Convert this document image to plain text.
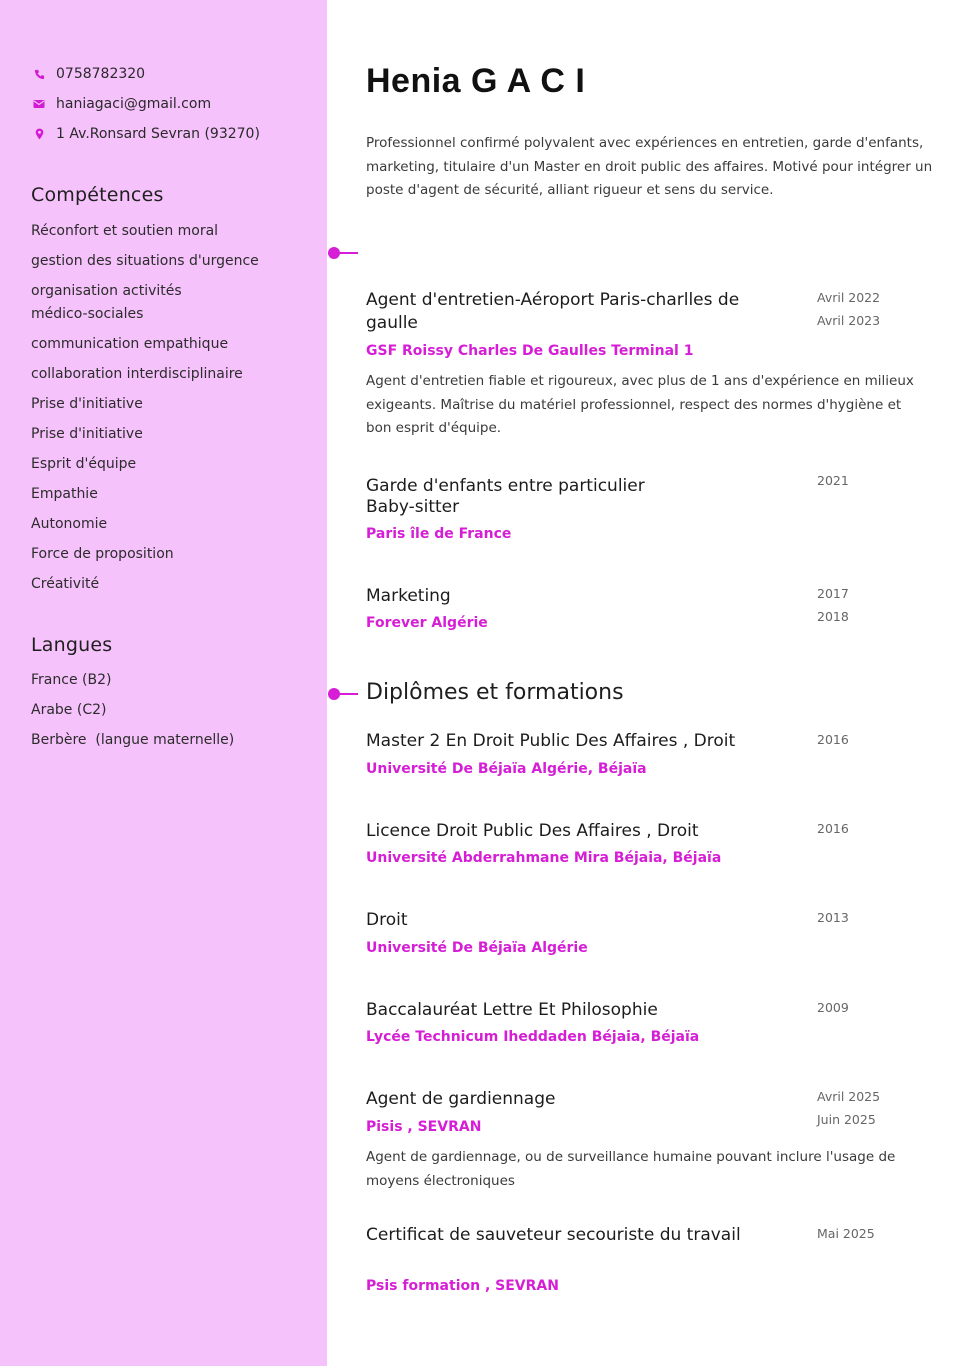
0758782320
haniagaci@gmail.com
1 Av.Ronsard Sevran (93270)
Compétences
Réconfort et soutien moral
gestion des situations d'urgence
organisation activités médico-sociales
communication empathique
collaboration interdisciplinaire
Prise d'initiative
Prise d'initiative
Esprit d'équipe
Empathie
Autonomie
Force de proposition
Créativité
Langues
France (B2)
Arabe (C2)
Berbère  (langue maternelle)
Henia G A C I
Professionnel confirmé polyvalent avec expériences en entretien, garde d'enfants, marketing, titulaire d'un Master en droit public des affaires. Motivé pour intégrer un poste d'agent de sécurité, alliant rigueur et sens du service.
Agent d'entretien-Aéroport Paris-charlles de gaulle
Avril 2022
Avril 2023
GSF Roissy Charles De Gaulles Terminal 1
Agent d'entretien fiable et rigoureux, avec plus de 1 ans d'expérience en milieux exigeants. Maîtrise du matériel professionnel, respect des normes d'hygiène et bon esprit d'équipe.
Garde d'enfants entre particulier
Baby-sitter
2021
Paris île de France
Marketing	2017
2018
Forever Algérie
Diplômes et formations
Master 2 En Droit Public Des Affaires , Droit	2016
Université De Béjaïa Algérie, Béjaïa
Licence Droit Public Des Affaires , Droit	2016
Université Abderrahmane Mira Béjaia, Béjaïa
Droit	2013
Université De Béjaïa Algérie
Baccalauréat Lettre Et Philosophie	2009
Lycée Technicum Iheddaden Béjaia, Béjaïa
Agent de gardiennage	Avril 2025
Juin 2025
Pisis , SEVRAN
Agent de gardiennage, ou de surveillance humaine pouvant inclure l'usage de moyens électroniques
Certificat de sauveteur secouriste du travail	Mai 2025
Psis formation , SEVRAN
